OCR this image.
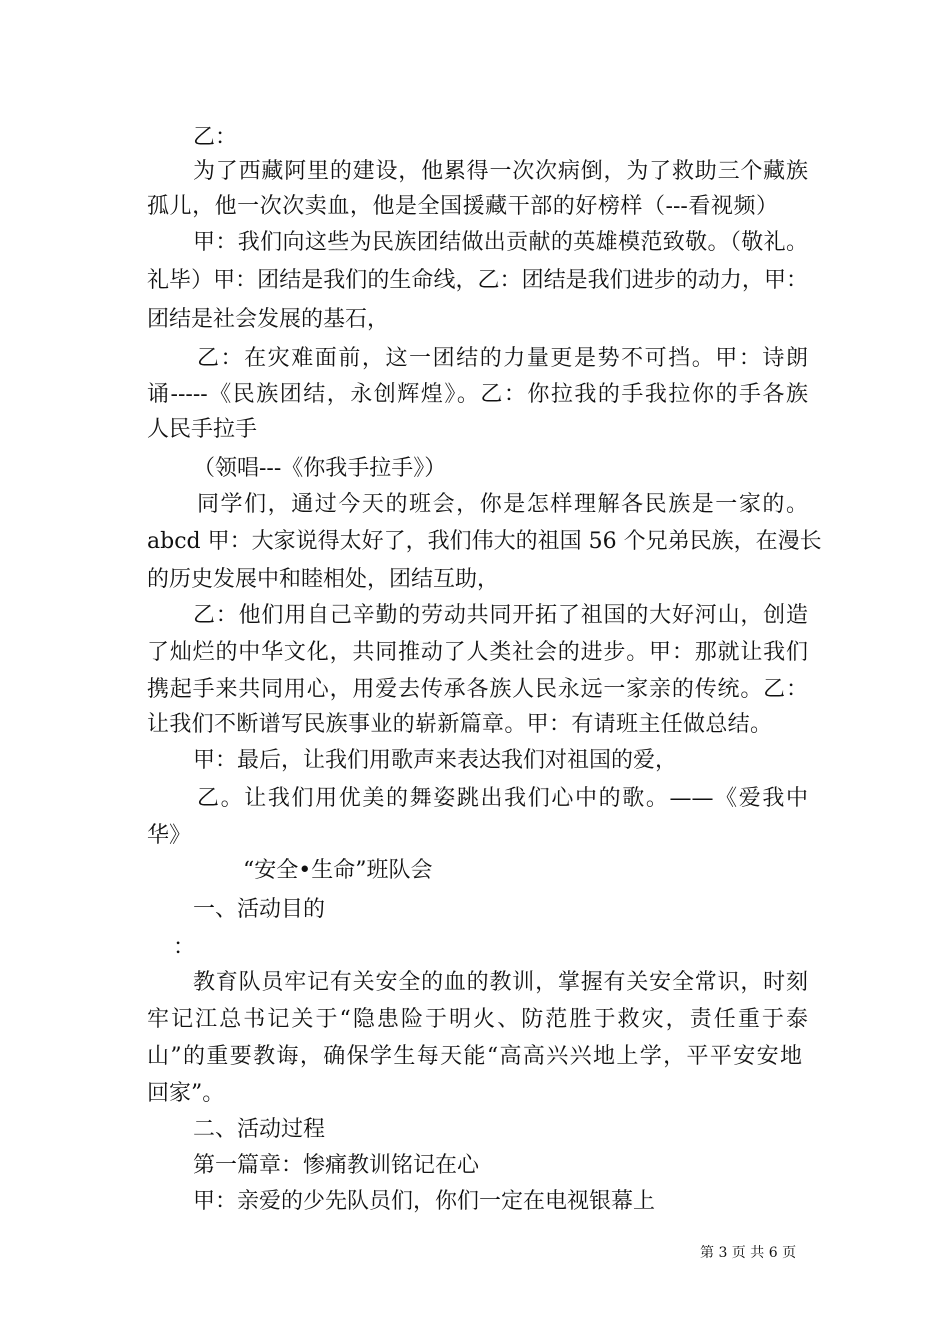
乙：
为了西藏阿里的建设，他累得一次次病倒，为了救助三个藏族
孤儿，他一次次卖血，他是全国援藏干部的好榜样（---看视频）
甲：我们向这些为民族团结做出贡献的英雄模范致敬。（敬礼。
礼毕）甲：团结是我们的生命线，乙：团结是我们进步的动力，甲：
团结是社会发展的基石，
乙：在灾难面前，这一团结的力量更是势不可挡。甲：诗朗
诵-----《民族团结，永创辉煌》。乙：你拉我的手我拉你的手各族
人民手拉手
（领唱---《你我手拉手》）
同学们，通过今天的班会，你是怎样理解各民族是一家的。
abcd 甲：大家说得太好了，我们伟大的祖国 56 个兄弟民族，在漫长
的历史发展中和睦相处，团结互助，
乙：他们用自己辛勤的劳动共同开拓了祖国的大好河山，创造
了灿烂的中华文化，共同推动了人类社会的进步。甲：那就让我们
携起手来共同用心，用爱去传承各族人民永远一家亲的传统。乙：
让我们不断谱写民族事业的崭新篇章。甲：有请班主任做总结。
甲：最后，让我们用歌声来表达我们对祖国的爱，
乙。让我们用优美的舞姿跳出我们心中的歌。——《爱我中
华》
“安全•生命”班队会
一、活动目的
：
教育队员牢记有关安全的血的教训，掌握有关安全常识，时刻
牢记江总书记关于“隐患险于明火、防范胜于救灾，责任重于泰
山”的重要教诲，确保学生每天能“高高兴兴地上学，平平安安地
回家”。
二、活动过程
第一篇章：惨痛教训铭记在心
甲：亲爱的少先队员们，你们一定在电视银幕上
第 3 页 共 6 页
